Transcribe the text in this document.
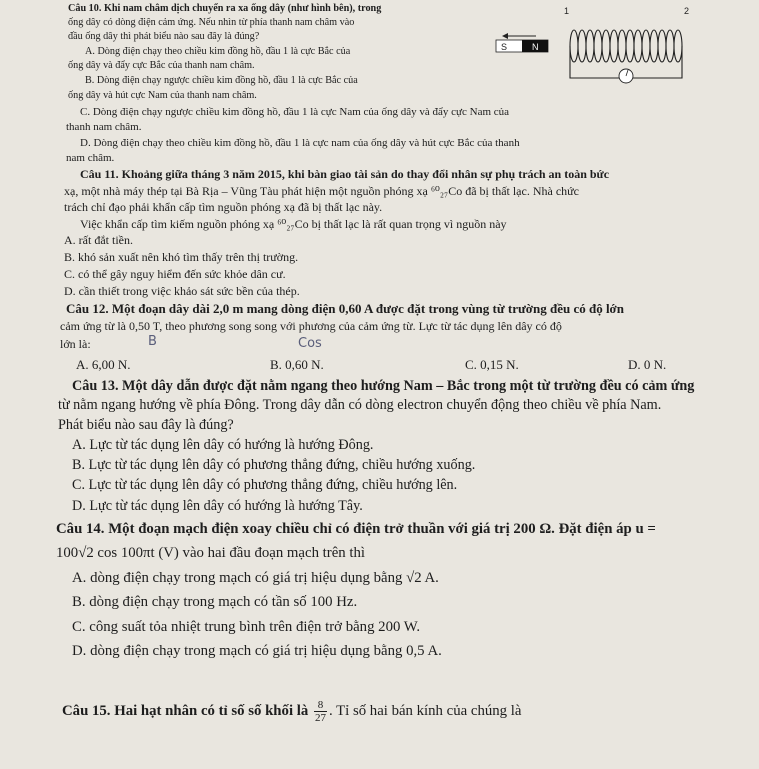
1	2
S	N
Câu 10. Khi nam châm dịch chuyển ra xa ống dây (như hình bên), trong
ống dây có dòng điện cảm ứng. Nếu nhìn từ phía thanh nam châm vào
đầu ống dây thì phát biểu nào sau đây là đúng?
A. Dòng điện chạy theo chiều kim đồng hồ, đầu 1 là cực Bắc của
ống dây và đẩy cực Bắc của thanh nam châm.
B. Dòng điện chạy ngược chiều kim đồng hồ, đầu 1 là cực Bắc của
ống dây và hút cực Nam của thanh nam châm.
C. Dòng điện chạy ngược chiều kim đồng hồ, đầu 1 là cực Nam của ống dây và đẩy cực Nam của
thanh nam châm.
D. Dòng điện chạy theo chiều kim đồng hồ, đầu 1 là cực nam của ống dây và hút cực Bắc của thanh
nam châm.
Câu 11. Khoảng giữa tháng 3 năm 2015, khi bàn giao tài sản do thay đổi nhân sự phụ trách an toàn bức
xạ, một nhà máy thép tại Bà Rịa – Vũng Tàu phát hiện một nguồn phóng xạ ⁶⁰₂₇Co đã bị thất lạc. Nhà chức
trách chỉ đạo phải khẩn cấp tìm nguồn phóng xạ đã bị thất lạc này.
Việc khẩn cấp tìm kiếm nguồn phóng xạ ⁶⁰₂₇Co bị thất lạc là rất quan trọng vì nguồn này
A. rất đắt tiền.
B. khó sản xuất nên khó tìm thấy trên thị trường.
C. có thể gây nguy hiểm đến sức khỏe dân cư.
D. cần thiết trong việc khảo sát sức bền của thép.
Câu 12. Một đoạn dây dài 2,0 m mang dòng điện 0,60 A được đặt trong vùng từ trường đều có độ lớn
cảm ứng từ là 0,50 T, theo phương song song với phương của cảm ứng từ. Lực từ tác dụng lên dây có độ
lớn là:	B	Cos
A. 6,00 N.	B. 0,60 N.	C. 0,15 N.	D. 0 N.
Câu 13. Một dây dẫn được đặt nằm ngang theo hướng Nam – Bắc trong một từ trường đều có cảm ứng
từ nằm ngang hướng về phía Đông. Trong dây dẫn có dòng electron chuyển động theo chiều về phía Nam.
Phát biểu nào sau đây là đúng?
A. Lực từ tác dụng lên dây có hướng là hướng Đông.
B. Lực từ tác dụng lên dây có phương thẳng đứng, chiều hướng xuống.
C. Lực từ tác dụng lên dây có phương thẳng đứng, chiều hướng lên.
D. Lực từ tác dụng lên dây có hướng là hướng Tây.
Câu 14. Một đoạn mạch điện xoay chiều chỉ có điện trở thuần với giá trị 200 Ω. Đặt điện áp u =
100√2 cos 100πt (V) vào hai đầu đoạn mạch trên thì
A. dòng điện chạy trong mạch có giá trị hiệu dụng bằng √2 A.
B. dòng điện chạy trong mạch có tần số 100 Hz.
C. công suất tỏa nhiệt trung bình trên điện trở bằng 200 W.
D. dòng điện chạy trong mạch có giá trị hiệu dụng bằng 0,5 A.
Câu 15. Hai hạt nhân có tỉ số số khối là $\frac{8}{27}$ . Tỉ số hai bán kính của chúng là
